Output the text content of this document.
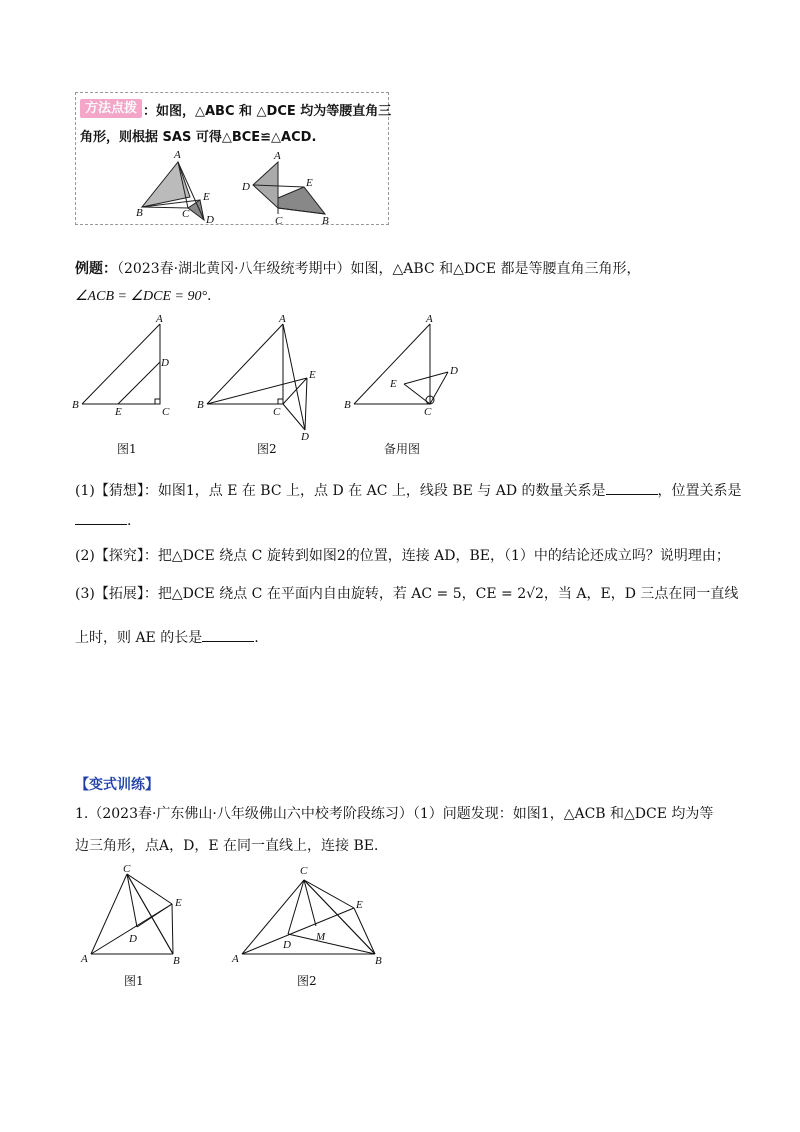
方法点拨 ：如图，△ABC 和 △DCE 均为等腰直角三
角形，则根据 SAS 可得△BCE≌△ACD.
A
B	C
E
D
A
D	E
C	B
例题：（2023春·湖北黄冈·八年级统考期中）如图，△ABC 和△DCE 都是等腰直角三角形，
∠ACB = ∠DCE = 90°.
A
B
C
D
E
图1
A
B
C
E
D
图2
A
B
C
E
D
备用图
(1)【猜想】：如图1，点 E 在 BC 上，点 D 在 AC 上，线段 BE 与 AD 的数量关系是	，位置关系是
.
(2)【探究】：把△DCE 绕点 C 旋转到如图2的位置，连接 AD，BE，（1）中的结论还成立吗？说明理由；
(3)【拓展】：把△DCE 绕点 C 在平面内自由旋转，若 AC = 5，CE = 2√2，当 A，E，D 三点在同一直线
上时，则 AE 的长是	.
【变式训练】
1.（2023春·广东佛山·八年级佛山六中校考阶段练习）（1）问题发现：如图1，△ACB 和△DCE 均为等
边三角形，点A，D，E 在同一直线上，连接 BE．
C
A	B
E
D
图1
C
A	B
E
D
M
图2
